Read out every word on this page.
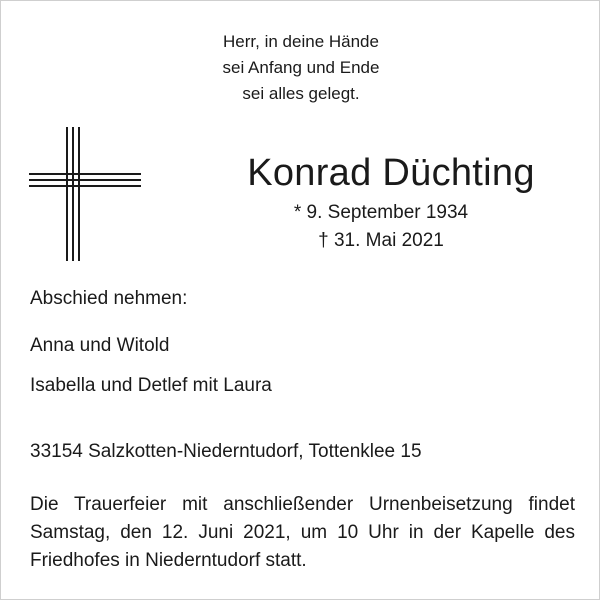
Herr, in deine Hände
sei Anfang und Ende
sei alles gelegt.
Konrad Düchting
* 9. September 1934
† 31. Mai 2021
Abschied nehmen:
Anna und Witold
Isabella und Detlef mit Laura
33154 Salzkotten-Niederntudorf, Tottenklee 15
Die Trauerfeier mit anschließender Urnenbeisetzung findet Samstag, den 12. Juni 2021, um 10 Uhr in der Kapelle des Friedhofes in Niederntudorf statt.
